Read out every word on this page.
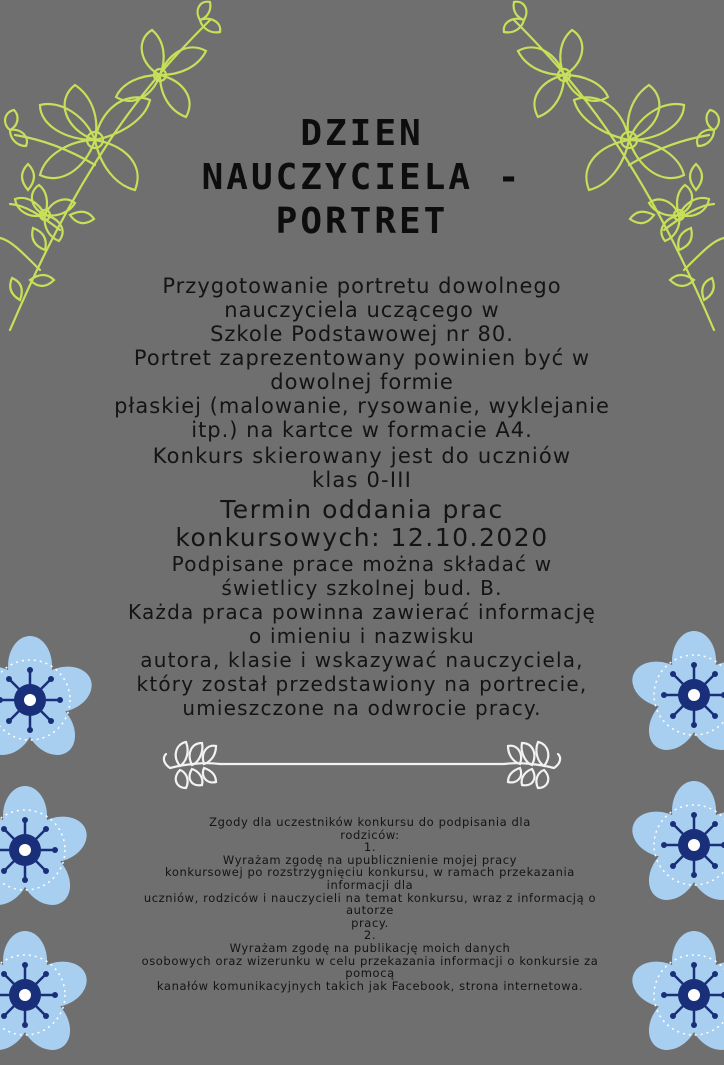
DZIEN
NAUCZYCIELA -
PORTRET
Przygotowanie portretu dowolnego
nauczyciela uczącego w
Szkole Podstawowej nr 80.
Portret zaprezentowany powinien być w
dowolnej formie
płaskiej (malowanie, rysowanie, wyklejanie
itp.) na kartce w formacie A4.
Konkurs skierowany jest do uczniów
klas 0-III
Termin oddania prac
konkursowych: 12.10.2020
Podpisane prace można składać w
świetlicy szkolnej bud. B.
Każda praca powinna zawierać informację
o imieniu i nazwisku
autora, klasie i wskazywać nauczyciela,
który został przedstawiony na portrecie,
umieszczone na odwrocie pracy.
Zgody dla uczestników konkursu do podpisania dla
rodziców:
1.
Wyrażam zgodę na upublicznienie mojej pracy
konkursowej po rozstrzygnięciu konkursu, w ramach przekazania
informacji dla
uczniów, rodziców i nauczycieli na temat konkursu, wraz z informacją o
autorze
pracy.
2.
Wyrażam zgodę na publikację moich danych
osobowych oraz wizerunku w celu przekazania informacji o konkursie za
pomocą
kanałów komunikacyjnych takich jak Facebook, strona internetowa.
